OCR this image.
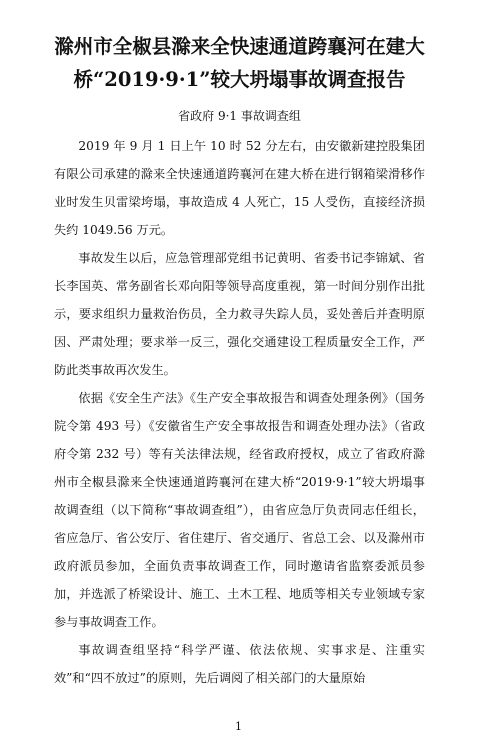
滁州市全椒县滁来全快速通道跨襄河在建大
桥“2019·9·1”较大坍塌事故调查报告
省政府 9·1 事故调查组

2019 年 9 月 1 日上午 10 时 52 分左右，由安徽新建控股集团有限公司承建的滁来全快速通道跨襄河在建大桥在进行钢箱梁滑移作业时发生贝雷梁垮塌，事故造成 4 人死亡，15 人受伤，直接经济损失约 1049.56 万元。

事故发生以后，应急管理部党组书记黄明、省委书记李锦斌、省长李国英、常务副省长邓向阳等领导高度重视，第一时间分别作出批示，要求组织力量救治伤员，全力救寻失踪人员，妥处善后并查明原因、严肃处理；要求举一反三，强化交通建设工程质量安全工作，严防此类事故再次发生。

依据《安全生产法》《生产安全事故报告和调查处理条例》（国务院令第 493 号）《安徽省生产安全事故报告和调查处理办法》（省政府令第 232 号）等有关法律法规，经省政府授权，成立了省政府滁州市全椒县滁来全快速通道跨襄河在建大桥“2019·9·1”较大坍塌事故调查组（以下简称“事故调查组”），由省应急厅负责同志任组长，省应急厅、省公安厅、省住建厅、省交通厅、省总工会、以及滁州市政府派员参加，全面负责事故调查工作，同时邀请省监察委派员参加，并选派了桥梁设计、施工、土木工程、地质等相关专业领域专家参与事故调查工作。

事故调查组坚持“科学严谨、依法依规、实事求是、注重实效”和“四不放过”的原则，先后调阅了相关部门的大量原始

1
